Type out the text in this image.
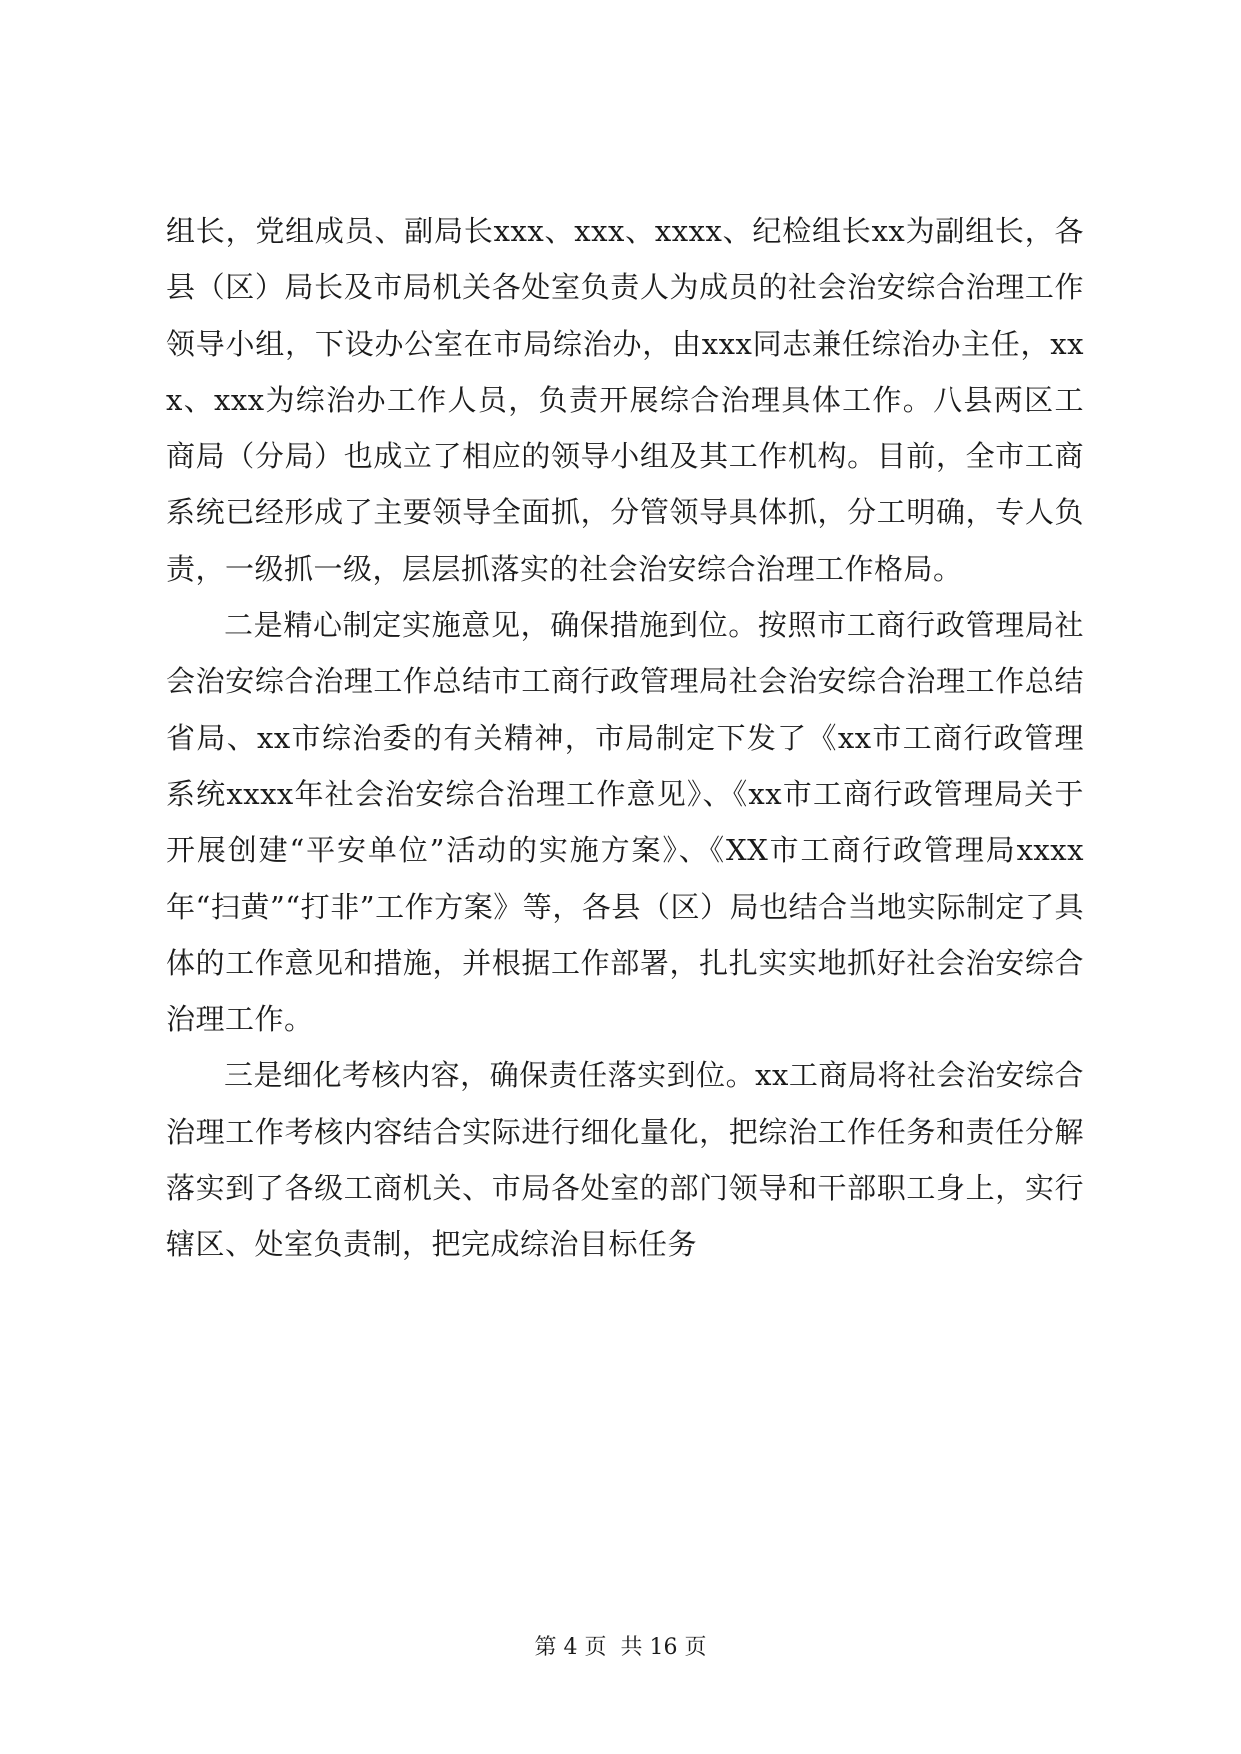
组长，党组成员、副局长xxx、xxx、xxxx、纪检组长xx为副组长，各县（区）局长及市局机关各处室负责人为成员的社会治安综合治理工作领导小组，下设办公室在市局综治办，由xxx同志兼任综治办主任，xxx、xxx为综治办工作人员，负责开展综合治理具体工作。八县两区工商局（分局）也成立了相应的领导小组及其工作机构。目前，全市工商系统已经形成了主要领导全面抓，分管领导具体抓，分工明确，专人负责，一级抓一级，层层抓落实的社会治安综合治理工作格局。

二是精心制定实施意见，确保措施到位。按照市工商行政管理局社会治安综合治理工作总结市工商行政管理局社会治安综合治理工作总结省局、xx市综治委的有关精神，市局制定下发了《xx市工商行政管理系统xxxx年社会治安综合治理工作意见》、《xx市工商行政管理局关于开展创建“平安单位”活动的实施方案》、《XX市工商行政管理局xxxx年“扫黄”“打非”工作方案》等，各县（区）局也结合当地实际制定了具体的工作意见和措施，并根据工作部署，扎扎实实地抓好社会治安综合治理工作。

三是细化考核内容，确保责任落实到位。xx工商局将社会治安综合治理工作考核内容结合实际进行细化量化，把综治工作任务和责任分解落实到了各级工商机关、市局各处室的部门领导和干部职工身上，实行辖区、处室负责制，把完成综治目标任务

第 4 页  共 16 页
